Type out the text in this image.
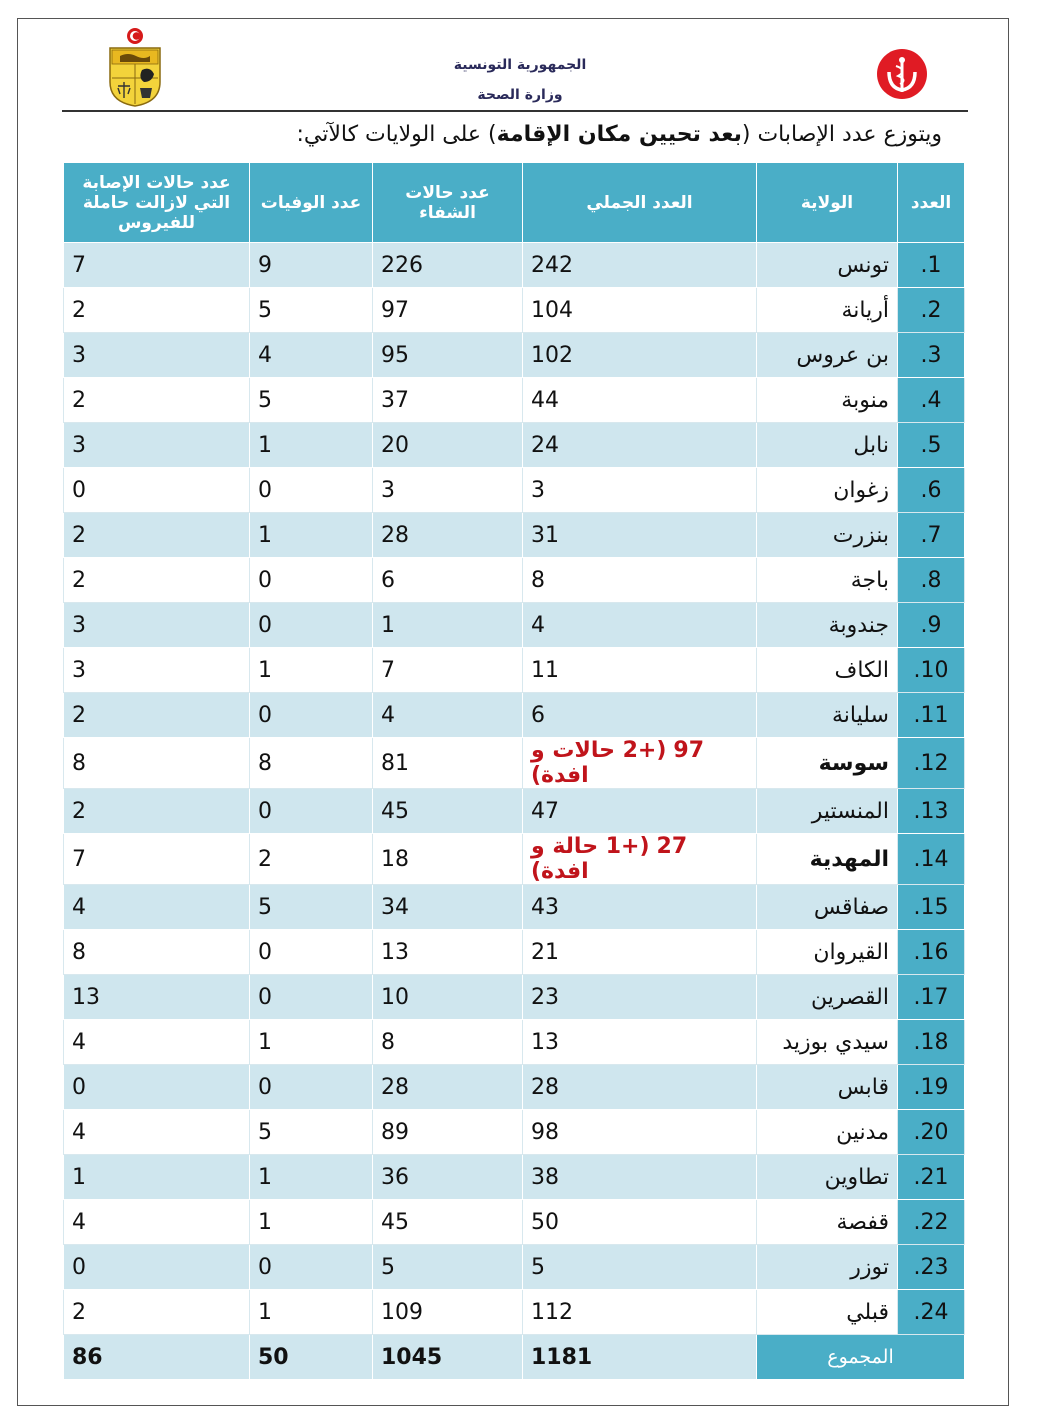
الجمهورية التونسية
وزارة الصحة
ويتوزع عدد الإصابات (بعد تحيين مكان الإقامة) على الولايات كالآتي:
العدد	الولاية	العدد الجملي	عدد حالات الشفاء	عدد الوفيات	عدد حالات الإصابة التي لازالت حاملة للفيروس
1.	تونس	242	226	9	7
2.	أريانة	104	97	5	2
3.	بن عروس	102	95	4	3
4.	منوبة	44	37	5	2
5.	نابل	24	20	1	3
6.	زغوان	3	3	0	0
7.	بنزرت	31	28	1	2
8.	باجة	8	6	0	2
9.	جندوبة	4	1	0	3
10.	الكاف	11	7	1	3
11.	سليانة	6	4	0	2
12.	سوسة	97 (+2 حالات و افدة)	81	8	8
13.	المنستير	47	45	0	2
14.	المهدية	27 (+1 حالة و افدة)	18	2	7
15.	صفاقس	43	34	5	4
16.	القيروان	21	13	0	8
17.	القصرين	23	10	0	13
18.	سيدي بوزيد	13	8	1	4
19.	قابس	28	28	0	0
20.	مدنين	98	89	5	4
21.	تطاوين	38	36	1	1
22.	قفصة	50	45	1	4
23.	توزر	5	5	0	0
24.	قبلي	112	109	1	2
المجموع		1181	1045	50	86
